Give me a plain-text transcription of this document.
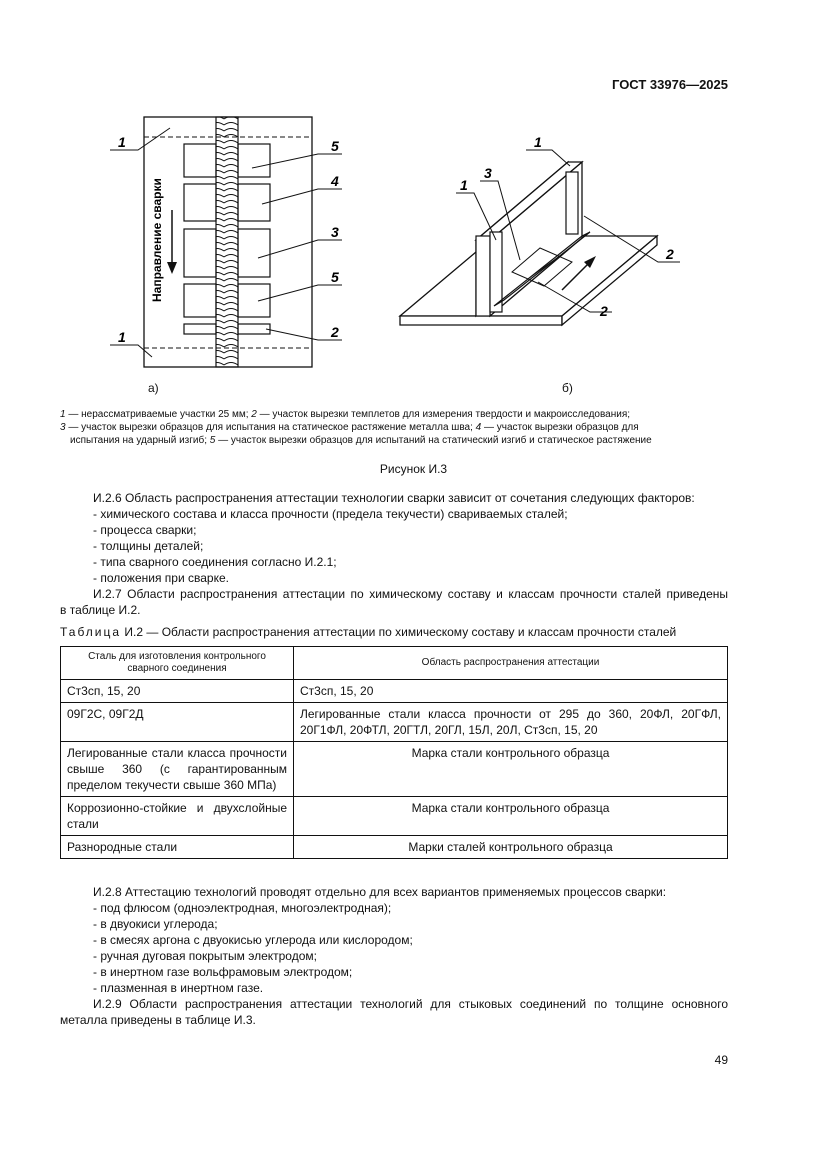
ГОСТ 33976—2025
Направление сварки
1	5
4
3
5
2
1
1
3
1
2
2
а)	б)
1 — нерассматриваемые участки 25 мм; 2 — участок вырезки темплетов для измерения твердости и макроисследования;
3 — участок вырезки образцов для испытания на статическое растяжение металла шва; 4 — участок вырезки образцов для
испытания на ударный изгиб; 5 — участок вырезки образцов для испытаний на статический изгиб и статическое растяжение
Рисунок И.3
И.2.6 Область распространения аттестации технологии сварки зависит от сочетания следующих факторов:
- химического состава и класса прочности (предела текучести) свариваемых сталей;
- процесса сварки;
- толщины деталей;
- типа сварного соединения согласно И.2.1;
- положения при сварке.
И.2.7 Области распространения аттестации по химическому составу и классам прочности сталей приведены
в таблице И.2.
Таблица И.2 — Области распространения аттестации по химическому составу и классам прочности сталей
Сталь для изготовления контрольного сварного соединения	Область распространения аттестации
Ст3сп, 15, 20	Ст3сп, 15, 20
09Г2С, 09Г2Д	Легированные стали класса прочности от 295 до 360, 20ФЛ, 20ГФЛ, 20Г1ФЛ, 20ФТЛ, 20ГТЛ, 20ГЛ, 15Л, 20Л, Ст3сп, 15, 20
Легированные стали класса прочности свыше 360 (с гарантированным пределом текучести свыше 360 МПа)	Марка стали контрольного образца
Коррозионно-стойкие и двухслойные стали	Марка стали контрольного образца
Разнородные стали	Марки сталей контрольного образца
И.2.8 Аттестацию технологий проводят отдельно для всех вариантов применяемых процессов сварки:
- под флюсом (одноэлектродная, многоэлектродная);
- в двуокиси углерода;
- в смесях аргона с двуокисью углерода или кислородом;
- ручная дуговая покрытым электродом;
- в инертном газе вольфрамовым электродом;
- плазменная в инертном газе.
И.2.9 Области распространения аттестации технологий для стыковых соединений по толщине основного
металла приведены в таблице И.3.
49
